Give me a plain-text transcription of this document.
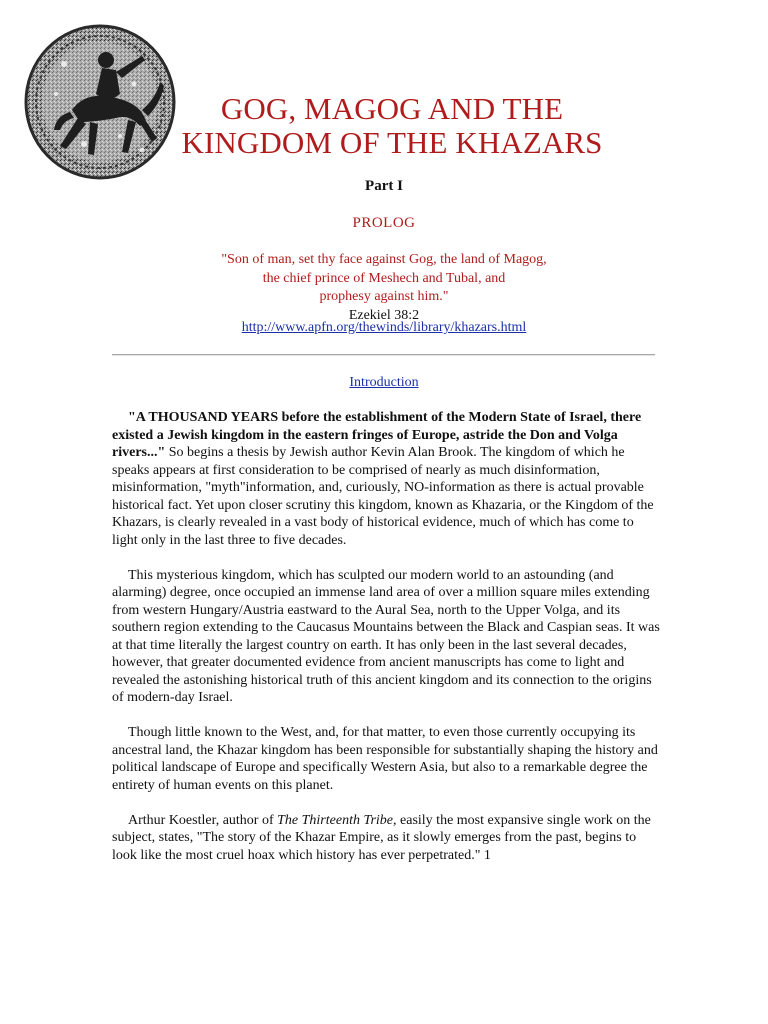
GOG, MAGOG AND THE
KINGDOM OF THE KHAZARS
Part I
PROLOG
"Son of man, set thy face against Gog, the land of Magog,
the chief prince of Meshech and Tubal, and
prophesy against him."
Ezekiel 38:2
http://www.apfn.org/thewinds/library/khazars.html
Introduction

"A THOUSAND YEARS before the establishment of the Modern State of Israel, there existed a Jewish kingdom in the eastern fringes of Europe, astride the Don and Volga rivers..." So begins a thesis by Jewish author Kevin Alan Brook. The kingdom of which he speaks appears at first consideration to be comprised of nearly as much disinformation, misinformation, "myth"information, and, curiously, NO-information as there is actual provable historical fact. Yet upon closer scrutiny this kingdom, known as Khazaria, or the Kingdom of the Khazars, is clearly revealed in a vast body of historical evidence, much of which has come to light only in the last three to five decades.

This mysterious kingdom, which has sculpted our modern world to an astounding (and alarming) degree, once occupied an immense land area of over a million square miles extending from western Hungary/Austria eastward to the Aural Sea, north to the Upper Volga, and its southern region extending to the Caucasus Mountains between the Black and Caspian seas. It was at that time literally the largest country on earth. It has only been in the last several decades, however, that greater documented evidence from ancient manuscripts has come to light and revealed the astonishing historical truth of this ancient kingdom and its connection to the origins of modern-day Israel.

Though little known to the West, and, for that matter, to even those currently occupying its ancestral land, the Khazar kingdom has been responsible for substantially shaping the history and political landscape of Europe and specifically Western Asia, but also to a remarkable degree the entirety of human events on this planet.

Arthur Koestler, author of The Thirteenth Tribe, easily the most expansive single work on the subject, states, "The story of the Khazar Empire, as it slowly emerges from the past, begins to look like the most cruel hoax which history has ever perpetrated." 1
